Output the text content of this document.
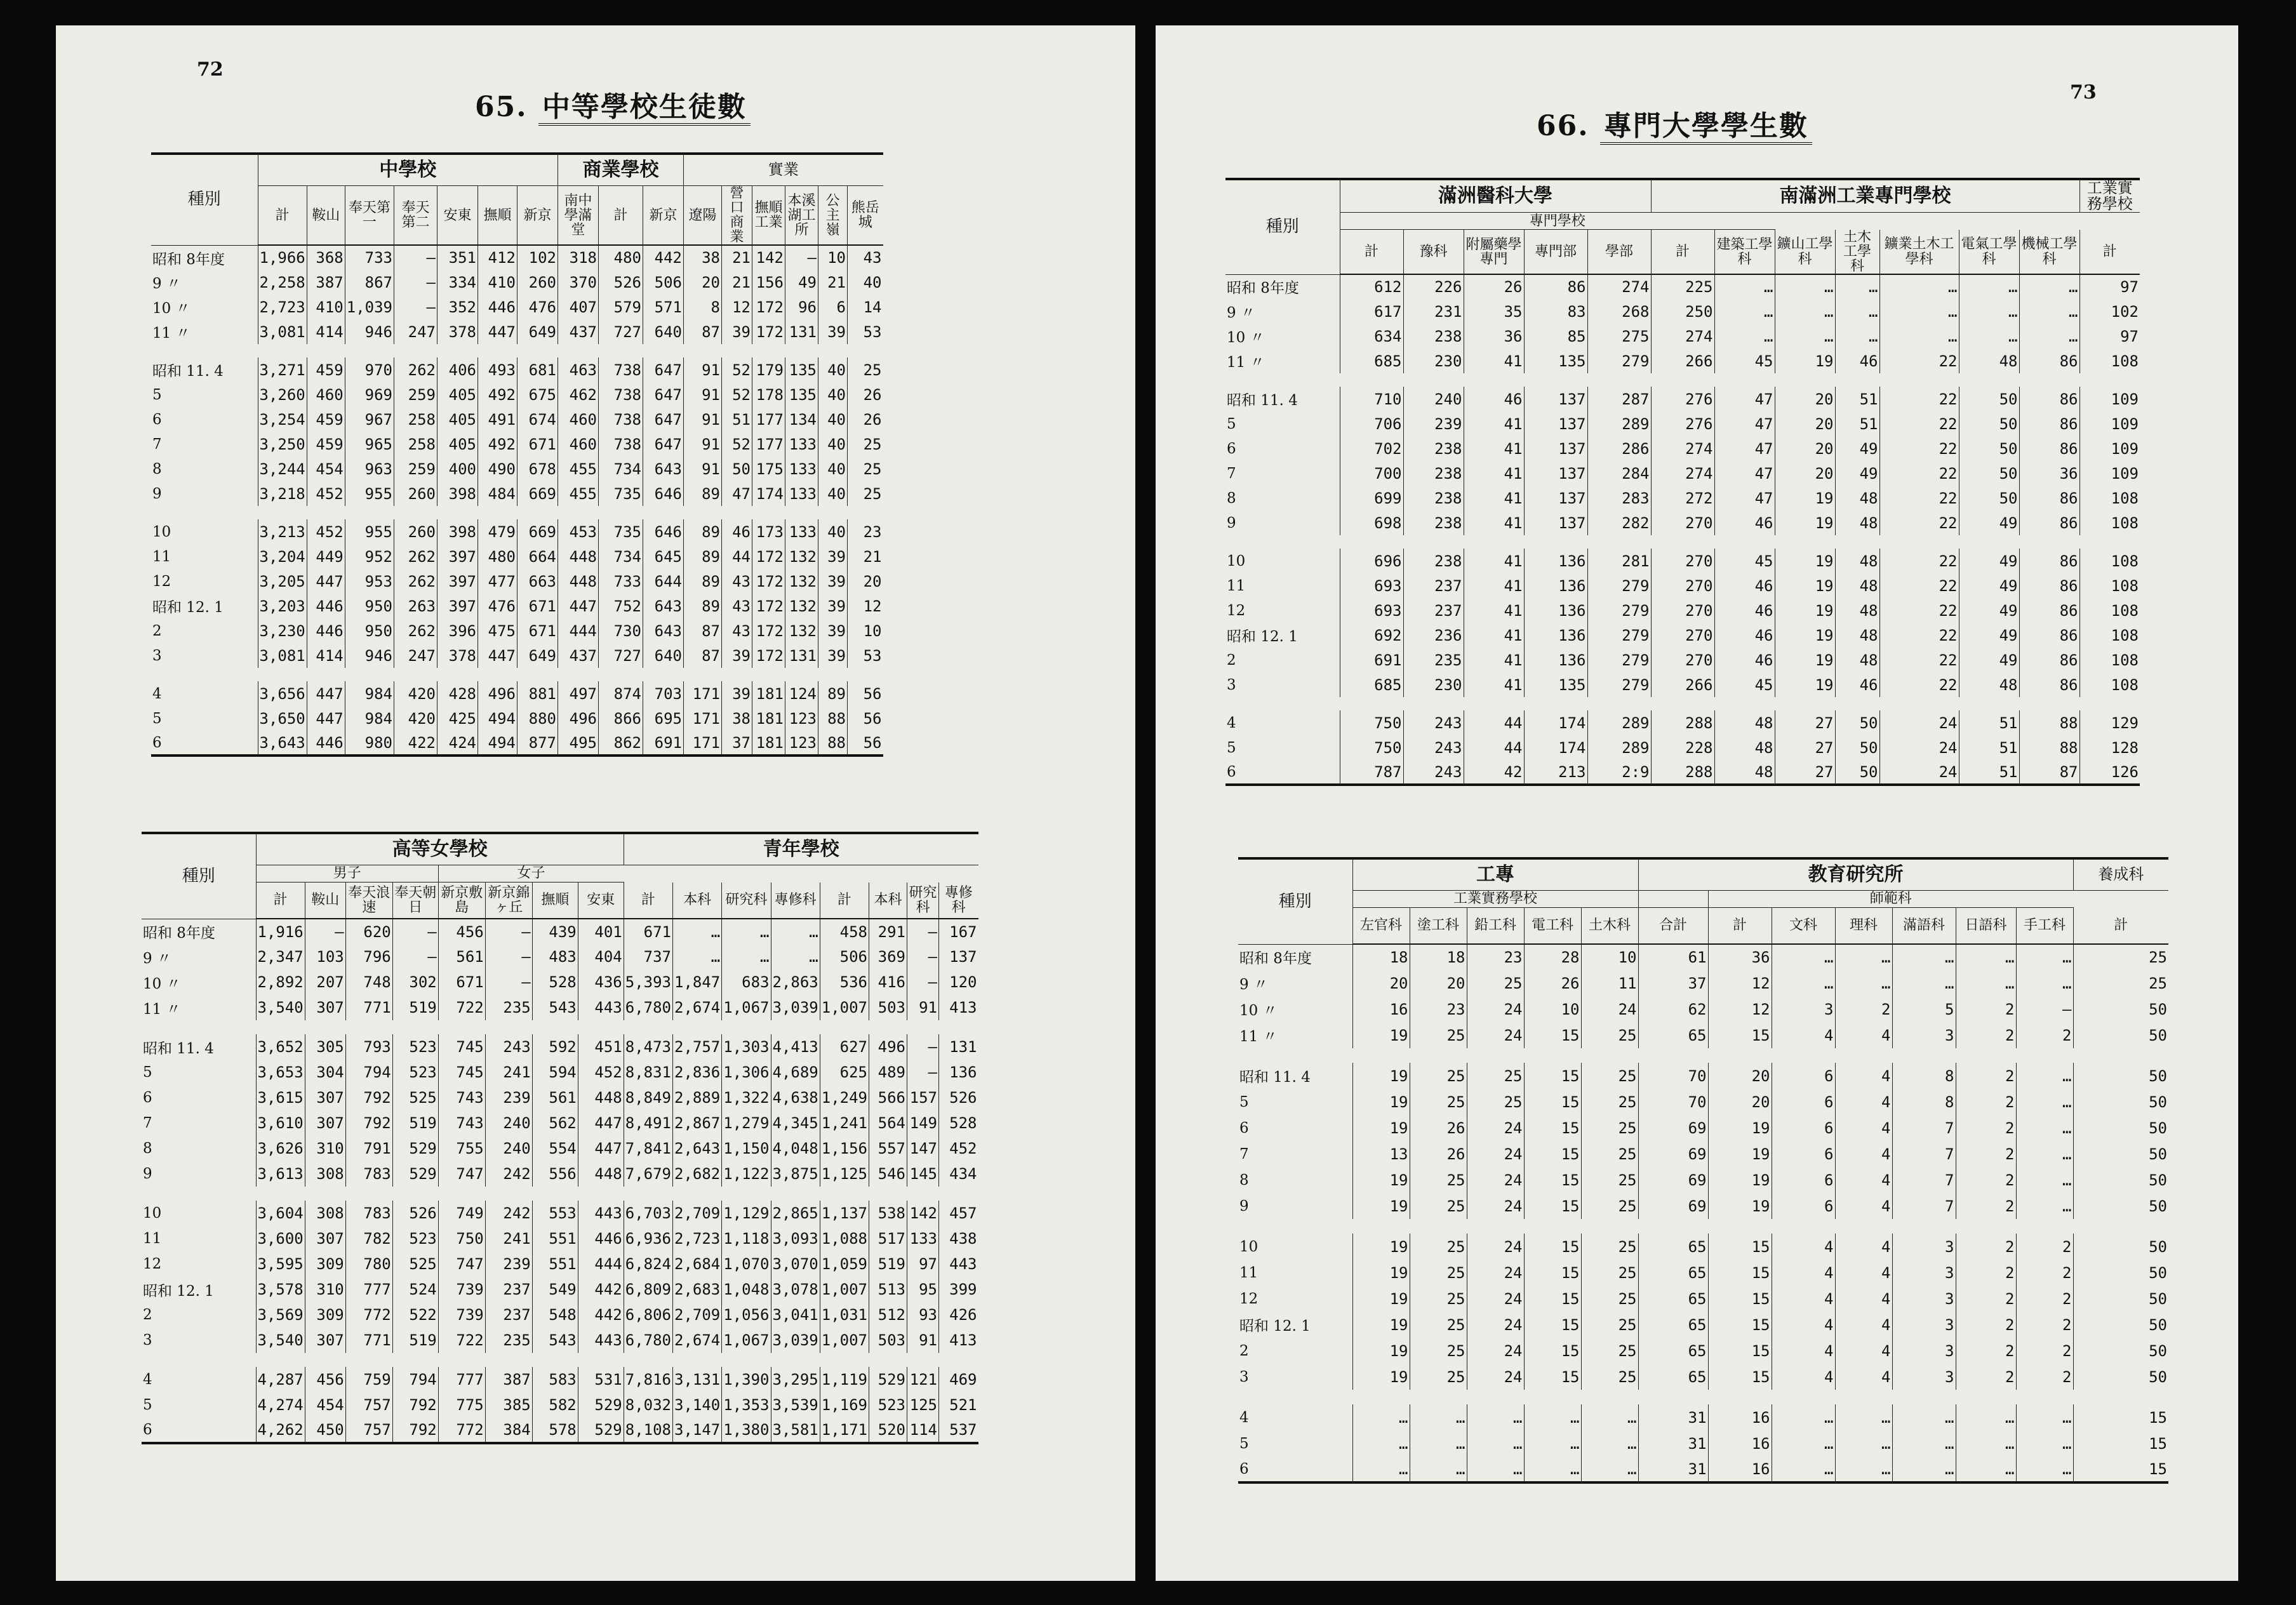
72
65. 中等學校生徒數
種別	中學校							商業學校			實業					
	計	鞍山	奉天第一	奉天第二	安東	撫順	新京	南中學滿堂	計	新京	遼陽	營口商業	撫順工業	本溪湖工所	公主嶺	熊岳城
昭和 8年度	1,966	368	733	—	351	412	102	318	480	442	38	21	142	—	10	43
9 〃	2,258	387	867	—	334	410	260	370	526	506	20	21	156	49	21	40
10 〃	2,723	410	1,039	—	352	446	476	407	579	571	8	12	172	96	6	14
11 〃	3,081	414	946	247	378	447	649	437	727	640	87	39	172	131	39	53

昭和 11. 4	3,271	459	970	262	406	493	681	463	738	647	91	52	179	135	40	25
5	3,260	460	969	259	405	492	675	462	738	647	91	52	178	135	40	26
6	3,254	459	967	258	405	491	674	460	738	647	91	51	177	134	40	26
7	3,250	459	965	258	405	492	671	460	738	647	91	52	177	133	40	25
8	3,244	454	963	259	400	490	678	455	734	643	91	50	175	133	40	25
9	3,218	452	955	260	398	484	669	455	735	646	89	47	174	133	40	25

10	3,213	452	955	260	398	479	669	453	735	646	89	46	173	133	40	23
11	3,204	449	952	262	397	480	664	448	734	645	89	44	172	132	39	21
12	3,205	447	953	262	397	477	663	448	733	644	89	43	172	132	39	20
昭和 12. 1	3,203	446	950	263	397	476	671	447	752	643	89	43	172	132	39	12
2	3,230	446	950	262	396	475	671	444	730	643	87	43	172	132	39	10
3	3,081	414	946	247	378	447	649	437	727	640	87	39	172	131	39	53

4	3,656	447	984	420	428	496	881	497	874	703	171	39	181	124	89	56
5	3,650	447	984	420	425	494	880	496	866	695	171	38	181	123	88	56
6	3,643	446	980	422	424	494	877	495	862	691	171	37	181	123	88	56
種別	高等女學校								青年學校							
	男子				女子											
	計	鞍山	奉天浪速	奉天朝日	新京敷島	新京錦ヶ丘	撫順	安東	計	本科	研究科	專修科	計	本科	研究科	專修科
昭和 8年度	1,916	—	620	—	456	—	439	401	671	…	…	…	458	291	—	167
9 〃	2,347	103	796	—	561	—	483	404	737	…	…	…	506	369	—	137
10 〃	2,892	207	748	302	671	—	528	436	5,393	1,847	683	2,863	536	416	—	120
11 〃	3,540	307	771	519	722	235	543	443	6,780	2,674	1,067	3,039	1,007	503	91	413

昭和 11. 4	3,652	305	793	523	745	243	592	451	8,473	2,757	1,303	4,413	627	496	—	131
5	3,653	304	794	523	745	241	594	452	8,831	2,836	1,306	4,689	625	489	—	136
6	3,615	307	792	525	743	239	561	448	8,849	2,889	1,322	4,638	1,249	566	157	526
7	3,610	307	792	519	743	240	562	447	8,491	2,867	1,279	4,345	1,241	564	149	528
8	3,626	310	791	529	755	240	554	447	7,841	2,643	1,150	4,048	1,156	557	147	452
9	3,613	308	783	529	747	242	556	448	7,679	2,682	1,122	3,875	1,125	546	145	434

10	3,604	308	783	526	749	242	553	443	6,703	2,709	1,129	2,865	1,137	538	142	457
11	3,600	307	782	523	750	241	551	446	6,936	2,723	1,118	3,093	1,088	517	133	438
12	3,595	309	780	525	747	239	551	444	6,824	2,684	1,070	3,070	1,059	519	97	443
昭和 12. 1	3,578	310	777	524	739	237	549	442	6,809	2,683	1,048	3,078	1,007	513	95	399
2	3,569	309	772	522	739	237	548	442	6,806	2,709	1,056	3,041	1,031	512	93	426
3	3,540	307	771	519	722	235	543	443	6,780	2,674	1,067	3,039	1,007	503	91	413

4	4,287	456	759	794	777	387	583	531	7,816	3,131	1,390	3,295	1,119	529	121	469
5	4,274	454	757	792	775	385	582	529	8,032	3,140	1,353	3,539	1,169	523	125	521
6	4,262	450	757	792	772	384	578	529	8,108	3,147	1,380	3,581	1,171	520	114	537
73
66. 專門大學學生數
種別	滿洲醫科大學					南滿洲工業專門學校							工業實務學校
	專門學校												
	計	豫科	附屬藥學專門	專門部	學部	計	建築工學科	鑛山工學科	土木工學科	鑛業土木工學科	電氣工學科	機械工學科	計
昭和 8年度	612	226	26	86	274	225	…	…	…	…	…	…	97
9 〃	617	231	35	83	268	250	…	…	…	…	…	…	102
10 〃	634	238	36	85	275	274	…	…	…	…	…	…	97
11 〃	685	230	41	135	279	266	45	19	46	22	48	86	108

昭和 11. 4	710	240	46	137	287	276	47	20	51	22	50	86	109
5	706	239	41	137	289	276	47	20	51	22	50	86	109
6	702	238	41	137	286	274	47	20	49	22	50	86	109
7	700	238	41	137	284	274	47	20	49	22	50	36	109
8	699	238	41	137	283	272	47	19	48	22	50	86	108
9	698	238	41	137	282	270	46	19	48	22	49	86	108

10	696	238	41	136	281	270	45	19	48	22	49	86	108
11	693	237	41	136	279	270	46	19	48	22	49	86	108
12	693	237	41	136	279	270	46	19	48	22	49	86	108
昭和 12. 1	692	236	41	136	279	270	46	19	48	22	49	86	108
2	691	235	41	136	279	270	46	19	48	22	49	86	108
3	685	230	41	135	279	266	45	19	46	22	48	86	108

4	750	243	44	174	289	288	48	27	50	24	51	88	129
5	750	243	44	174	289	228	48	27	50	24	51	88	128
6	787	243	42	213	2:9	288	48	27	50	24	51	87	126
種別	工專					教育研究所							養成科
	工業實務學校						師範科						
	左官科	塗工科	鉛工科	電工科	土木科	合計	計	文科	理科	滿語科	日語科	手工科	計
昭和 8年度	18	18	23	28	10	61	36	…	…	…	…	…	25
9 〃	20	20	25	26	11	37	12	…	…	…	…	…	25
10 〃	16	23	24	10	24	62	12	3	2	5	2	—	50
11 〃	19	25	24	15	25	65	15	4	4	3	2	2	50

昭和 11. 4	19	25	25	15	25	70	20	6	4	8	2	…	50
5	19	25	25	15	25	70	20	6	4	8	2	…	50
6	19	26	24	15	25	69	19	6	4	7	2	…	50
7	13	26	24	15	25	69	19	6	4	7	2	…	50
8	19	25	24	15	25	69	19	6	4	7	2	…	50
9	19	25	24	15	25	69	19	6	4	7	2	…	50

10	19	25	24	15	25	65	15	4	4	3	2	2	50
11	19	25	24	15	25	65	15	4	4	3	2	2	50
12	19	25	24	15	25	65	15	4	4	3	2	2	50
昭和 12. 1	19	25	24	15	25	65	15	4	4	3	2	2	50
2	19	25	24	15	25	65	15	4	4	3	2	2	50
3	19	25	24	15	25	65	15	4	4	3	2	2	50

4	…	…	…	…	…	31	16	…	…	…	…	…	15
5	…	…	…	…	…	31	16	…	…	…	…	…	15
6	…	…	…	…	…	31	16	…	…	…	…	…	15
